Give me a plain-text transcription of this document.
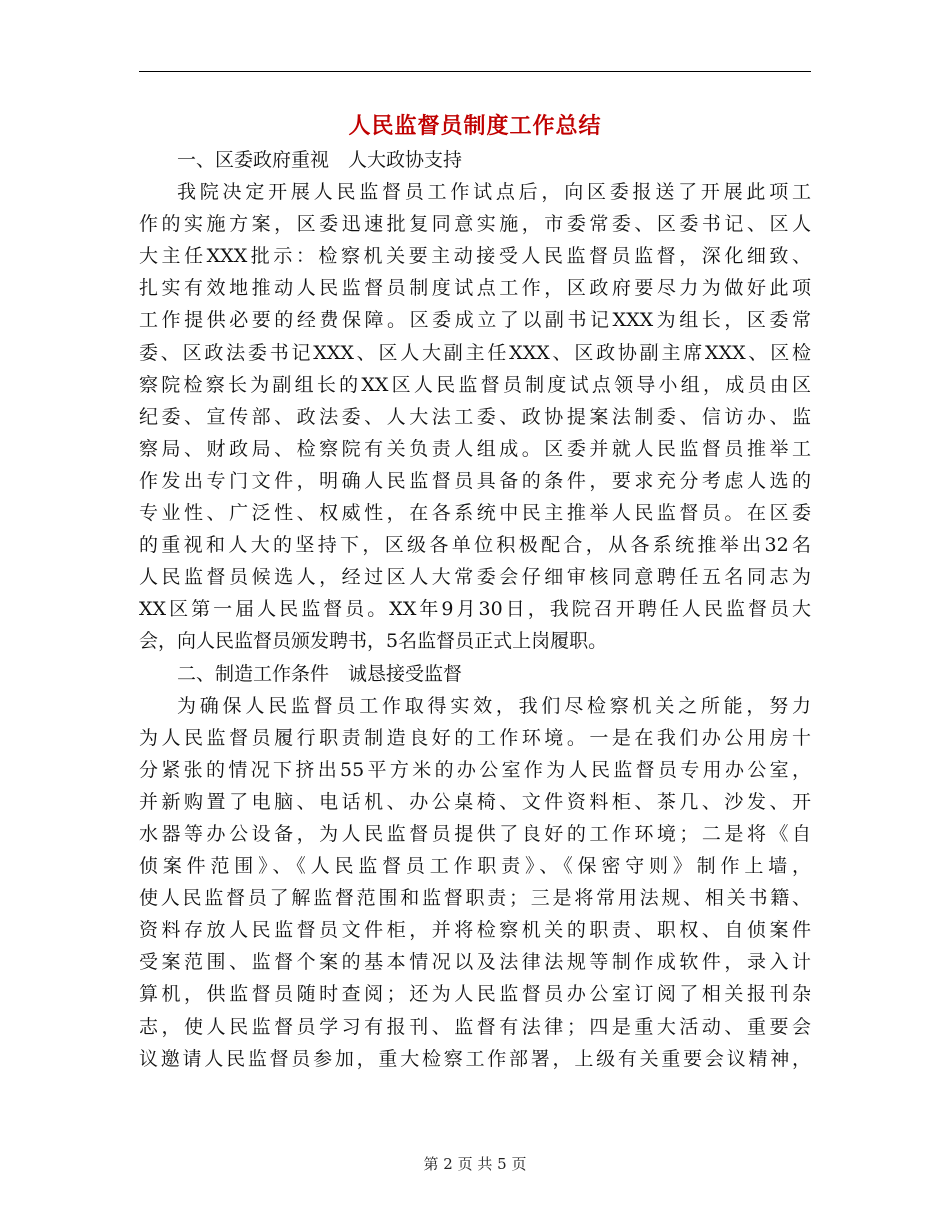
人民监督员制度工作总结
一、区委政府重视　人大政协支持
我院决定开展人民监督员工作试点后，向区委报送了开展此项工
作的实施方案，区委迅速批复同意实施，市委常委、区委书记、区人
大主任XXX批示：检察机关要主动接受人民监督员监督，深化细致、
扎实有效地推动人民监督员制度试点工作，区政府要尽力为做好此项
工作提供必要的经费保障。区委成立了以副书记XXX为组长，区委常
委、区政法委书记XXX、区人大副主任XXX、区政协副主席XXX、区检
察院检察长为副组长的XX区人民监督员制度试点领导小组，成员由区
纪委、宣传部、政法委、人大法工委、政协提案法制委、信访办、监
察局、财政局、检察院有关负责人组成。区委并就人民监督员推举工
作发出专门文件，明确人民监督员具备的条件，要求充分考虑人选的
专业性、广泛性、权威性，在各系统中民主推举人民监督员。在区委
的重视和人大的坚持下，区级各单位积极配合，从各系统推举出32名
人民监督员候选人，经过区人大常委会仔细审核同意聘任五名同志为
XX区第一届人民监督员。XX年9月30日，我院召开聘任人民监督员大
会，向人民监督员颁发聘书，5名监督员正式上岗履职。
二、制造工作条件　诚恳接受监督
为确保人民监督员工作取得实效，我们尽检察机关之所能，努力
为人民监督员履行职责制造良好的工作环境。一是在我们办公用房十
分紧张的情况下挤出55平方米的办公室作为人民监督员专用办公室，
并新购置了电脑、电话机、办公桌椅、文件资料柜、茶几、沙发、开
水器等办公设备，为人民监督员提供了良好的工作环境；二是将《自
侦案件范围》、《人民监督员工作职责》、《保密守则》制作上墙，
使人民监督员了解监督范围和监督职责；三是将常用法规、相关书籍、
资料存放人民监督员文件柜，并将检察机关的职责、职权、自侦案件
受案范围、监督个案的基本情况以及法律法规等制作成软件，录入计
算机，供监督员随时查阅；还为人民监督员办公室订阅了相关报刊杂
志，使人民监督员学习有报刊、监督有法律；四是重大活动、重要会
议邀请人民监督员参加，重大检察工作部署，上级有关重要会议精神，
第 2 页 共 5 页
